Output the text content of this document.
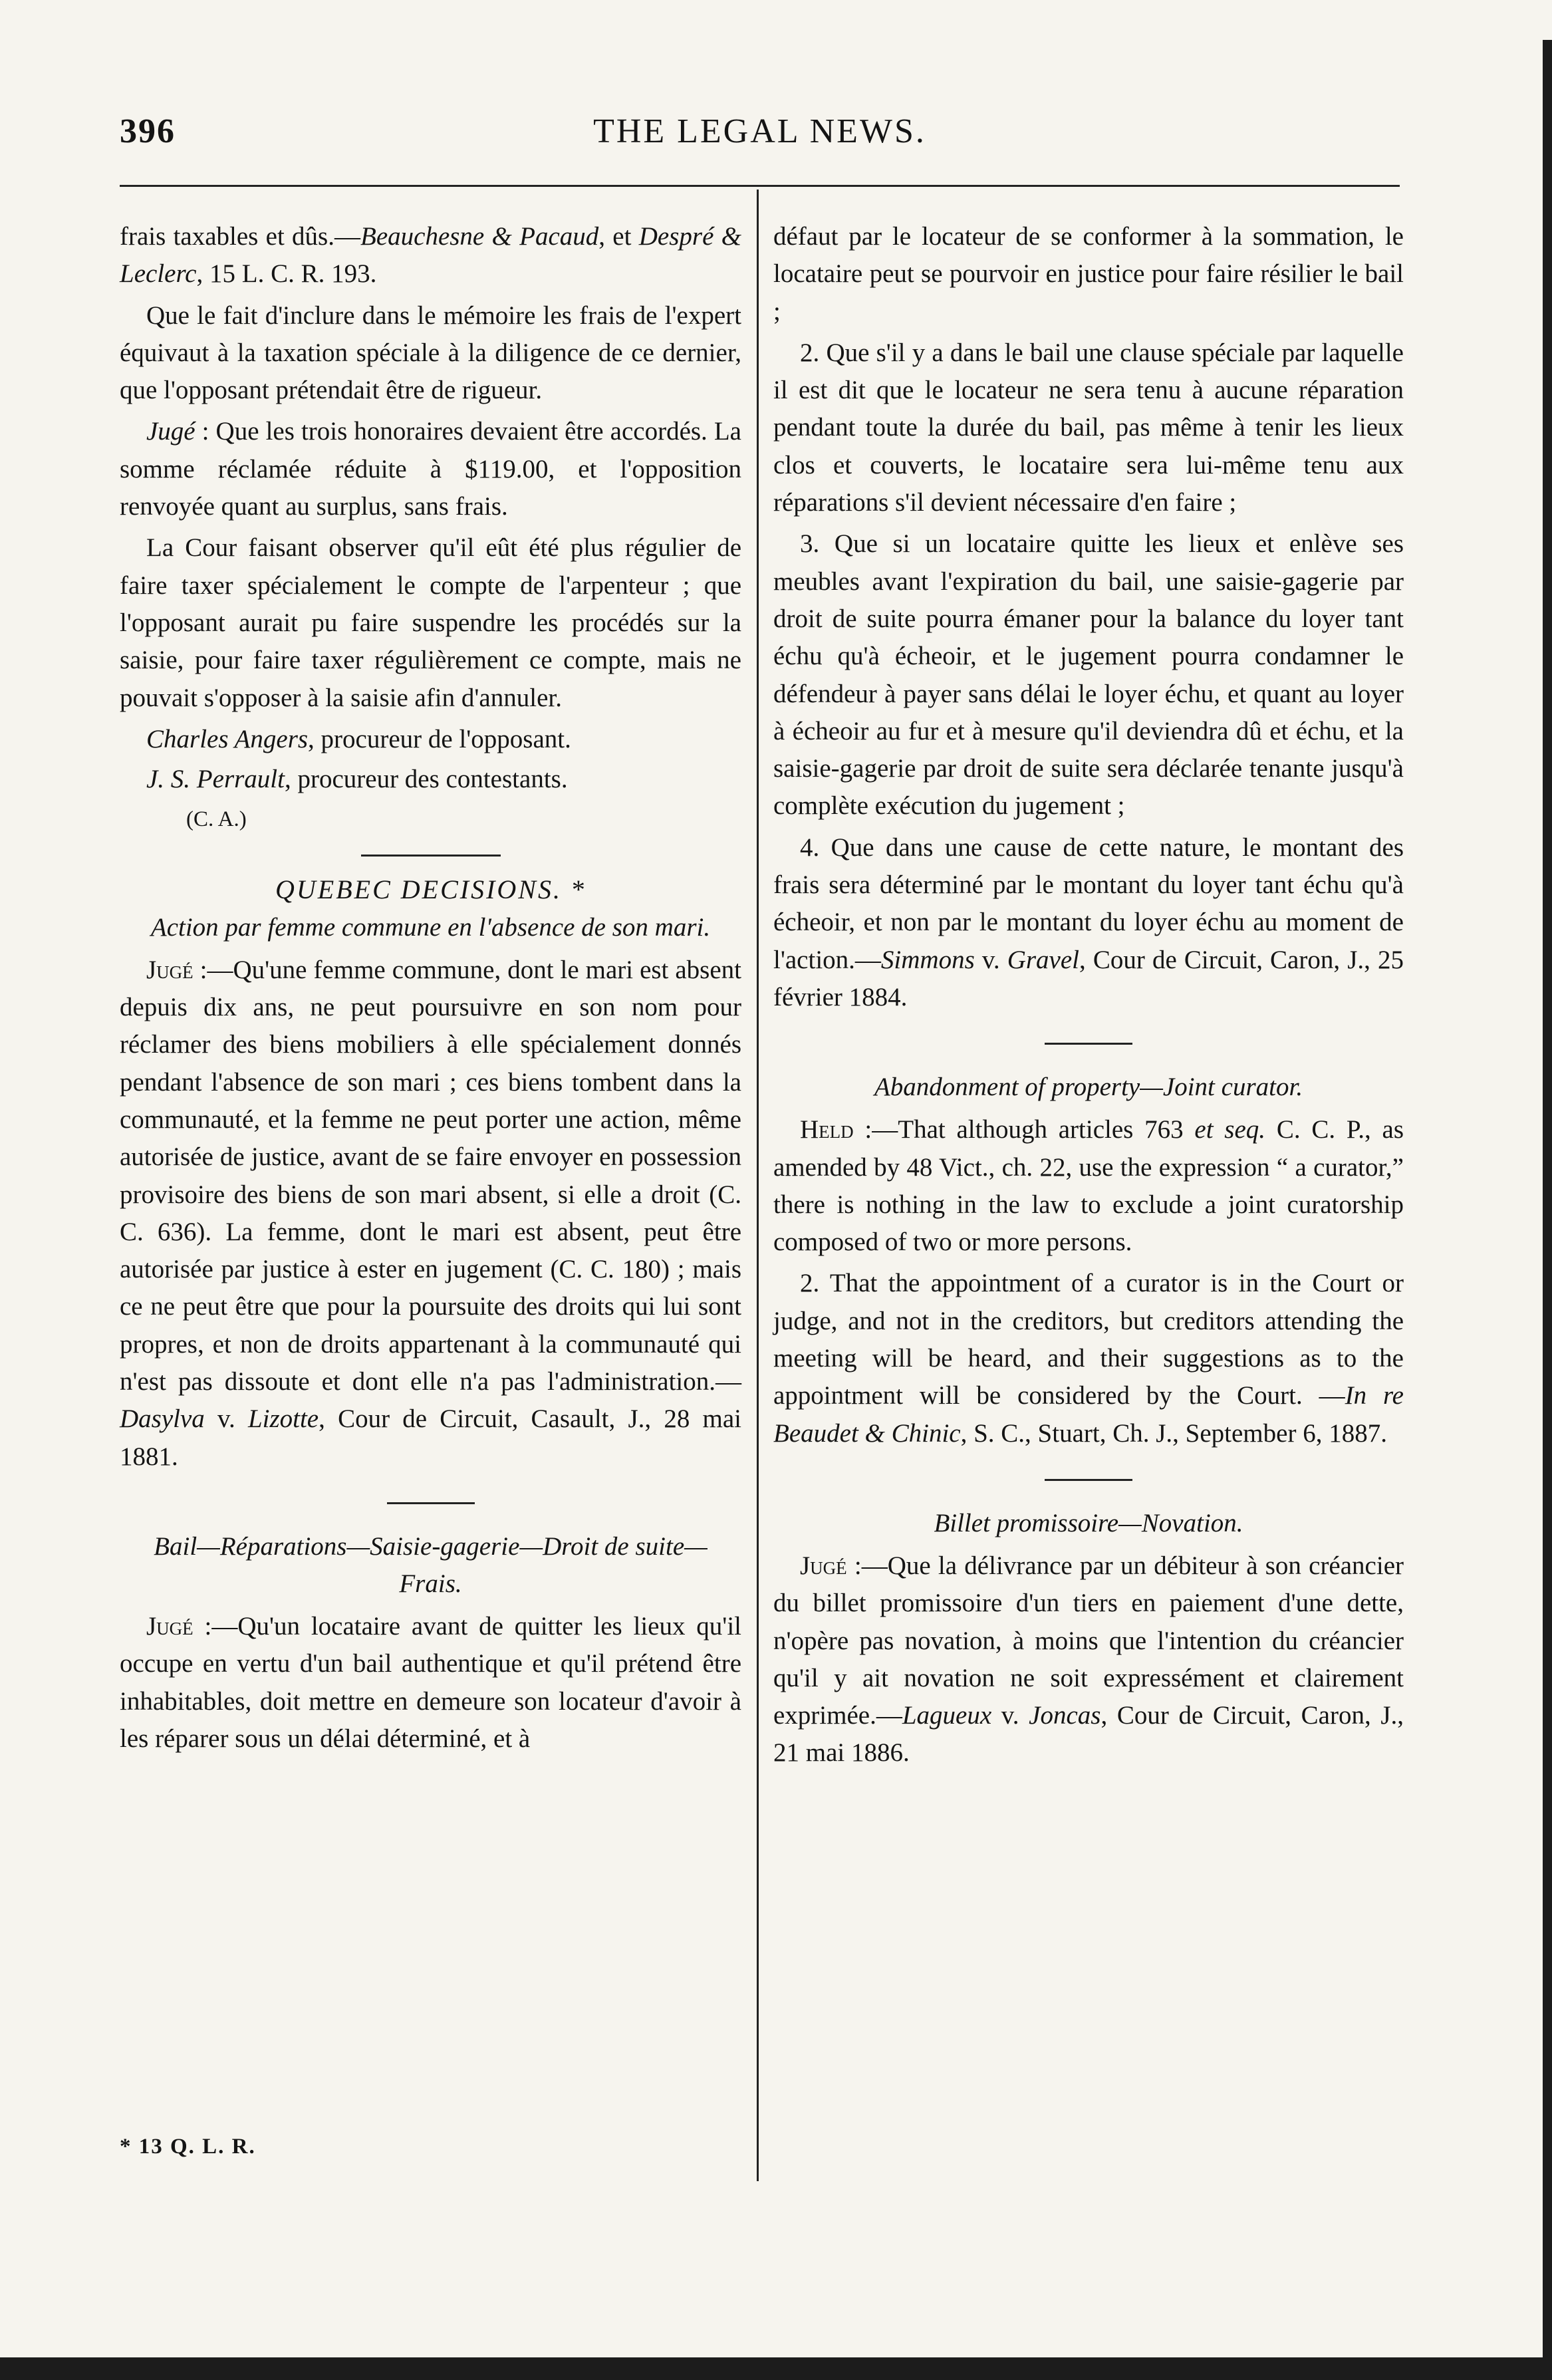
396	THE LEGAL NEWS.

frais taxables et dûs.—Beauchesne & Pacaud, et Despré & Leclerc, 15 L. C. R. 193.

Que le fait d'inclure dans le mémoire les frais de l'expert équivaut à la taxation spéciale à la diligence de ce dernier, que l'opposant prétendait être de rigueur.

Jugé : Que les trois honoraires devaient être accordés. La somme réclamée réduite à $119.00, et l'opposition renvoyée quant au surplus, sans frais.

La Cour faisant observer qu'il eût été plus régulier de faire taxer spécialement le compte de l'arpenteur ; que l'opposant aurait pu faire suspendre les procédés sur la saisie, pour faire taxer régulièrement ce compte, mais ne pouvait s'opposer à la saisie afin d'annuler.

Charles Angers, procureur de l'opposant.

J. S. Perrault, procureur des contestants.

(C. A.)

QUEBEC DECISIONS. *
Action par femme commune en l'absence de son mari.

Jugé :—Qu'une femme commune, dont le mari est absent depuis dix ans, ne peut poursuivre en son nom pour réclamer des biens mobiliers à elle spécialement donnés pendant l'absence de son mari ; ces biens tombent dans la communauté, et la femme ne peut porter une action, même autorisée de justice, avant de se faire envoyer en possession provisoire des biens de son mari absent, si elle a droit (C. C. 636). La femme, dont le mari est absent, peut être autorisée par justice à ester en jugement (C. C. 180) ; mais ce ne peut être que pour la poursuite des droits qui lui sont propres, et non de droits appartenant à la communauté qui n'est pas dissoute et dont elle n'a pas l'administration.—Dasylva v. Lizotte, Cour de Circuit, Casault, J., 28 mai 1881.

Bail—Réparations—Saisie-gagerie—Droit de suite—Frais.

Jugé :—Qu'un locataire avant de quitter les lieux qu'il occupe en vertu d'un bail authentique et qu'il prétend être inhabitables, doit mettre en demeure son locateur d'avoir à les réparer sous un délai déterminé, et à

* 13 Q. L. R.

défaut par le locateur de se conformer à la sommation, le locataire peut se pourvoir en justice pour faire résilier le bail ;

2. Que s'il y a dans le bail une clause spéciale par laquelle il est dit que le locateur ne sera tenu à aucune réparation pendant toute la durée du bail, pas même à tenir les lieux clos et couverts, le locataire sera lui-même tenu aux réparations s'il devient nécessaire d'en faire ;

3. Que si un locataire quitte les lieux et enlève ses meubles avant l'expiration du bail, une saisie-gagerie par droit de suite pourra émaner pour la balance du loyer tant échu qu'à écheoir, et le jugement pourra condamner le défendeur à payer sans délai le loyer échu, et quant au loyer à écheoir au fur et à mesure qu'il deviendra dû et échu, et la saisie-gagerie par droit de suite sera déclarée tenante jusqu'à complète exécution du jugement ;

4. Que dans une cause de cette nature, le montant des frais sera déterminé par le montant du loyer tant échu qu'à écheoir, et non par le montant du loyer échu au moment de l'action.—Simmons v. Gravel, Cour de Circuit, Caron, J., 25 février 1884.

Abandonment of property—Joint curator.

Held :—That although articles 763 et seq. C. C. P., as amended by 48 Vict., ch. 22, use the expression “ a curator,” there is nothing in the law to exclude a joint curatorship composed of two or more persons.

2. That the appointment of a curator is in the Court or judge, and not in the creditors, but creditors attending the meeting will be heard, and their suggestions as to the appointment will be considered by the Court. —In re Beaudet & Chinic, S. C., Stuart, Ch. J., September 6, 1887.

Billet promissoire—Novation.

Jugé :—Que la délivrance par un débiteur à son créancier du billet promissoire d'un tiers en paiement d'une dette, n'opère pas novation, à moins que l'intention du créancier qu'il y ait novation ne soit expressément et clairement exprimée.—Lagueux v. Joncas, Cour de Circuit, Caron, J., 21 mai 1886.
